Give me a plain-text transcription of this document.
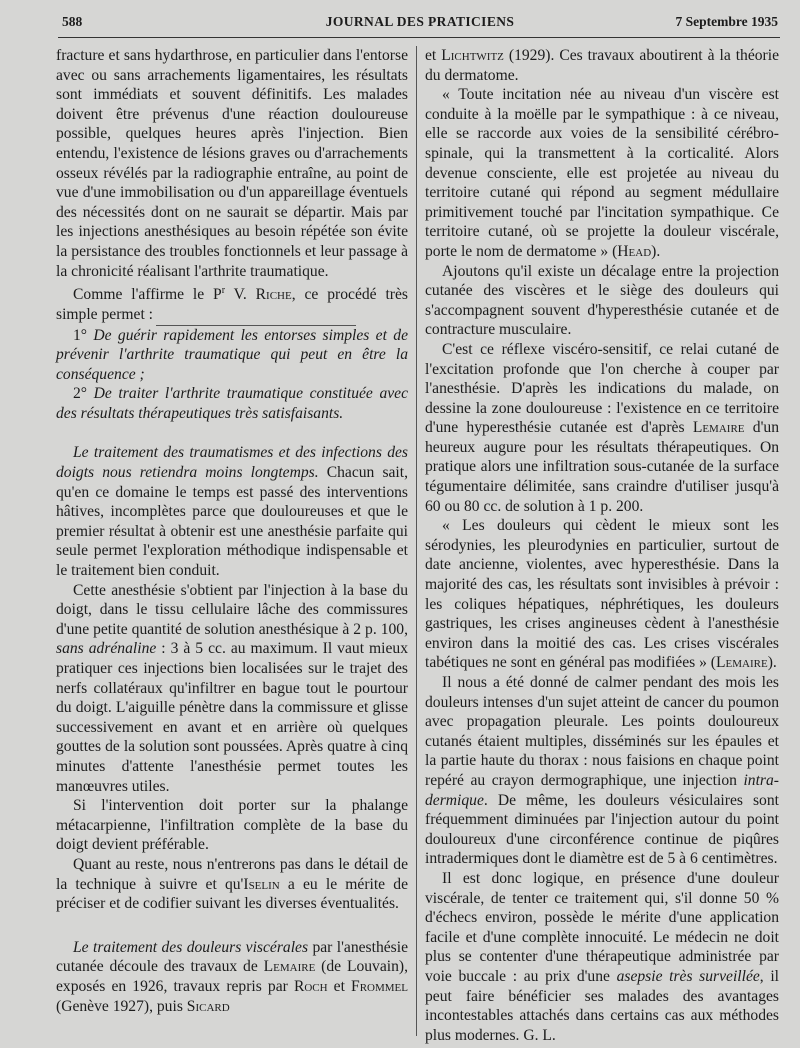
588	JOURNAL DES PRATICIENS	7 Septembre 1935

fracture et sans hydarthrose, en particulier dans l'entorse avec ou sans arrachements ligamentaires, les résultats sont immédiats et souvent définitifs. Les malades doivent être prévenus d'une réaction douloureuse possible, quelques heures après l'injection. Bien entendu, l'existence de lésions graves ou d'arrachements osseux révélés par la radiographie entraîne, au point de vue d'une immobilisation ou d'un appareillage éventuels des nécessités dont on ne saurait se départir. Mais par les injections anesthésiques au besoin répétée son évite la persistance des troubles fonctionnels et leur passage à la chronicité réalisant l'arthrite traumatique.

Comme l'affirme le $P^r$ V. Riche, ce procédé très simple permet :

1° De guérir rapidement les entorses simples et de prévenir l'arthrite traumatique qui peut en être la conséquence ;

2° De traiter l'arthrite traumatique constituée avec des résultats thérapeutiques très satisfaisants.

Le traitement des traumatismes et des infections des doigts nous retiendra moins longtemps. Chacun sait, qu'en ce domaine le temps est passé des interventions hâtives, incomplètes parce que douloureuses et que le premier résultat à obtenir est une anesthésie parfaite qui seule permet l'exploration méthodique indispensable et le traitement bien conduit.

Cette anesthésie s'obtient par l'injection à la base du doigt, dans le tissu cellulaire lâche des commissures d'une petite quantité de solution anesthésique à 2 p. 100, sans adrénaline : 3 à 5 cc. au maximum. Il vaut mieux pratiquer ces injections bien localisées sur le trajet des nerfs collatéraux qu'infiltrer en bague tout le pourtour du doigt. L'aiguille pénètre dans la commissure et glisse successivement en avant et en arrière où quelques gouttes de la solution sont poussées. Après quatre à cinq minutes d'attente l'anesthésie permet toutes les manœuvres utiles.

Si l'intervention doit porter sur la phalange métacarpienne, l'infiltration complète de la base du doigt devient préférable.

Quant au reste, nous n'entrerons pas dans le détail de la technique à suivre et qu'Iselin a eu le mérite de préciser et de codifier suivant les diverses éventualités.

Le traitement des douleurs viscérales par l'anesthésie cutanée découle des travaux de Lemaire (de Louvain), exposés en 1926, travaux repris par Roch et Frommel (Genève 1927), puis Sicard

et Lichtwitz (1929). Ces travaux aboutirent à la théorie du dermatome.

« Toute incitation née au niveau d'un viscère est conduite à la moëlle par le sympathique : à ce niveau, elle se raccorde aux voies de la sensibilité cérébro-spinale, qui la transmettent à la corticalité. Alors devenue consciente, elle est projetée au niveau du territoire cutané qui répond au segment médullaire primitivement touché par l'incitation sympathique. Ce territoire cutané, où se projette la douleur viscérale, porte le nom de dermatome » (Head).

Ajoutons qu'il existe un décalage entre la projection cutanée des viscères et le siège des douleurs qui s'accompagnent souvent d'hyperesthésie cutanée et de contracture musculaire.

C'est ce réflexe viscéro-sensitif, ce relai cutané de l'excitation profonde que l'on cherche à couper par l'anesthésie. D'après les indications du malade, on dessine la zone douloureuse : l'existence en ce territoire d'une hyperesthésie cutanée est d'après Lemaire d'un heureux augure pour les résultats thérapeutiques. On pratique alors une infiltration sous-cutanée de la surface tégumentaire délimitée, sans craindre d'utiliser jusqu'à 60 ou 80 cc. de solution à 1 p. 200.

« Les douleurs qui cèdent le mieux sont les sérodynies, les pleurodynies en particulier, surtout de date ancienne, violentes, avec hyperesthésie. Dans la majorité des cas, les résultats sont invisibles à prévoir : les coliques hépatiques, néphrétiques, les douleurs gastriques, les crises angineuses cèdent à l'anesthésie environ dans la moitié des cas. Les crises viscérales tabétiques ne sont en général pas modifiées » (Lemaire).

Il nous a été donné de calmer pendant des mois les douleurs intenses d'un sujet atteint de cancer du poumon avec propagation pleurale. Les points douloureux cutanés étaient multiples, disséminés sur les épaules et la partie haute du thorax : nous faisions en chaque point repéré au crayon dermographique, une injection intra-dermique. De même, les douleurs vésiculaires sont fréquemment diminuées par l'injection autour du point douloureux d'une circonférence continue de piqûres intradermiques dont le diamètre est de 5 à 6 centimètres.

Il est donc logique, en présence d'une douleur viscérale, de tenter ce traitement qui, s'il donne 50 % d'échecs environ, possède le mérite d'une application facile et d'une complète innocuité. Le médecin ne doit plus se contenter d'une thérapeutique administrée par voie buccale : au prix d'une asepsie très surveillée, il peut faire bénéficier ses malades des avantages incontestables attachés dans certains cas aux méthodes plus modernes. G. L.
